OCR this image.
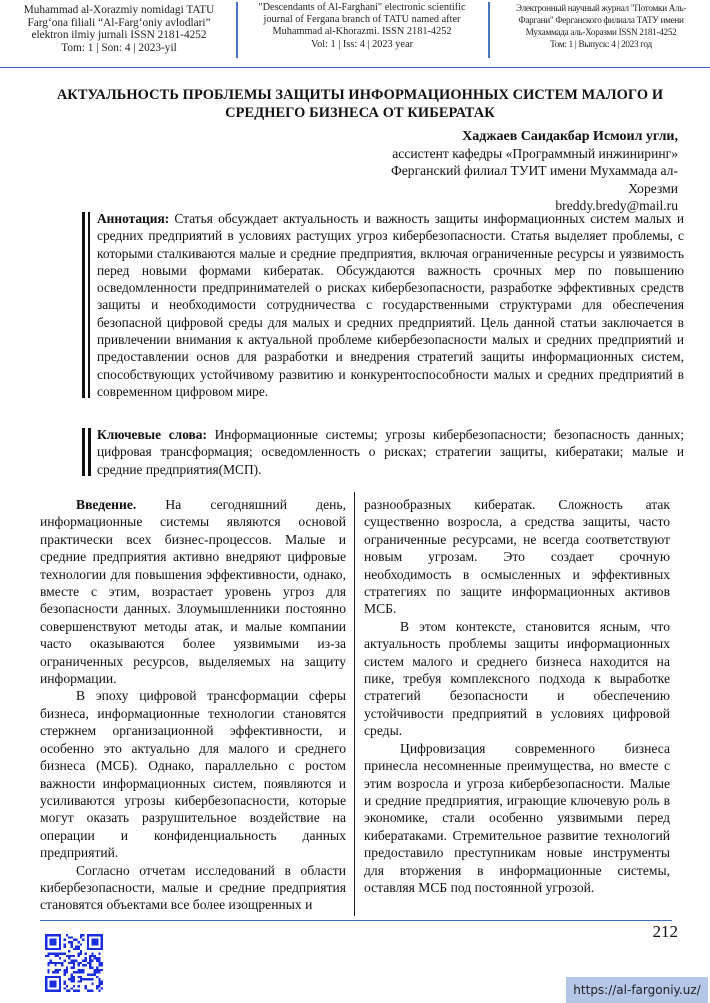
Muhammad al-Xorazmiy nomidagi TATU
Farg‘ona filiali “Al-Farg‘oniy avlodlari”
elektron ilmiy jurnali ISSN 2181-4252
Tom: 1 | Son: 4 | 2023-yil
"Descendants of Al-Farghani" electronic scientific
journal of Fergana branch of TATU named after
Muhammad al-Khorazmi. ISSN 2181-4252
Vol: 1 | Iss: 4 | 2023 year
Электронный научный журнал "Потомки Аль-
Фаргани" Ферганского филиала ТАТУ имени
Мухаммада аль-Хоразми ISSN 2181-4252
Том: 1 | Выпуск: 4 | 2023 год
АКТУАЛЬНОСТЬ ПРОБЛЕМЫ ЗАЩИТЫ ИНФОРМАЦИОННЫХ СИСТЕМ МАЛОГО И СРЕДНЕГО БИЗНЕСА ОТ КИБЕРАТАК
Хаджаев Саидакбар Исмоил угли,
ассистент кафедры «Программный инжиниринг»
Ферганский филиал ТУИТ имени Мухаммада ал-
Хорезми
breddy.bredy@mail.ru
Аннотация: Статья обсуждает актуальность и важность защиты информационных систем малых и средних предприятий в условиях растущих угроз кибербезопасности. Статья выделяет проблемы, с которыми сталкиваются малые и средние предприятия, включая ограниченные ресурсы и уязвимость перед новыми формами кибератак. Обсуждаются важность срочных мер по повышению осведомленности предпринимателей о рисках кибербезопасности, разработке эффективных средств защиты и необходимости сотрудничества с государственными структурами для обеспечения безопасной цифровой среды для малых и средних предприятий. Цель данной статьи заключается в привлечении внимания к актуальной проблеме кибербезопасности малых и средних предприятий и предоставлении основ для разработки и внедрения стратегий защиты информационных систем, способствующих устойчивому развитию и конкурентоспособности малых и средних предприятий в современном цифровом мире.
Ключевые слова: Информационные системы; угрозы кибербезопасности; безопасность данных; цифровая трансформация; осведомленность о рисках; стратегии защиты, кибератаки; малые и средние предприятия(МСП).

Введение. На сегодняшний день, информационные системы являются основой практически всех бизнес-процессов. Малые и средние предприятия активно внедряют цифровые технологии для повышения эффективности, однако, вместе с этим, возрастает уровень угроз для безопасности данных. Злоумышленники постоянно совершенствуют методы атак, и малые компании часто оказываются более уязвимыми из-за ограниченных ресурсов, выделяемых на защиту информации.

В эпоху цифровой трансформации сферы бизнеса, информационные технологии становятся стержнем организационной эффективности, и особенно это актуально для малого и среднего бизнеса (МСБ). Однако, параллельно с ростом важности информационных систем, появляются и усиливаются угрозы кибербезопасности, которые могут оказать разрушительное воздействие на операции и конфиденциальность данных предприятий.

Согласно отчетам исследований в области кибербезопасности, малые и средние предприятия становятся объектами все более изощренных и

разнообразных кибератак. Сложность атак существенно возросла, а средства защиты, часто ограниченные ресурсами, не всегда соответствуют новым угрозам. Это создает срочную необходимость в осмысленных и эффективных стратегиях по защите информационных активов МСБ.

В этом контексте, становится ясным, что актуальность проблемы защиты информационных систем малого и среднего бизнеса находится на пике, требуя комплексного подхода к выработке стратегий безопасности и обеспечению устойчивости предприятий в условиях цифровой среды.

Цифровизация современного бизнеса принесла несомненные преимущества, но вместе с этим возросла и угроза кибербезопасности. Малые и средние предприятия, играющие ключевую роль в экономике, стали особенно уязвимыми перед кибератаками. Стремительное развитие технологий предоставило преступникам новые инструменты для вторжения в информационные системы, оставляя МСБ под постоянной угрозой.

212
https://al-fargoniy.uz/
